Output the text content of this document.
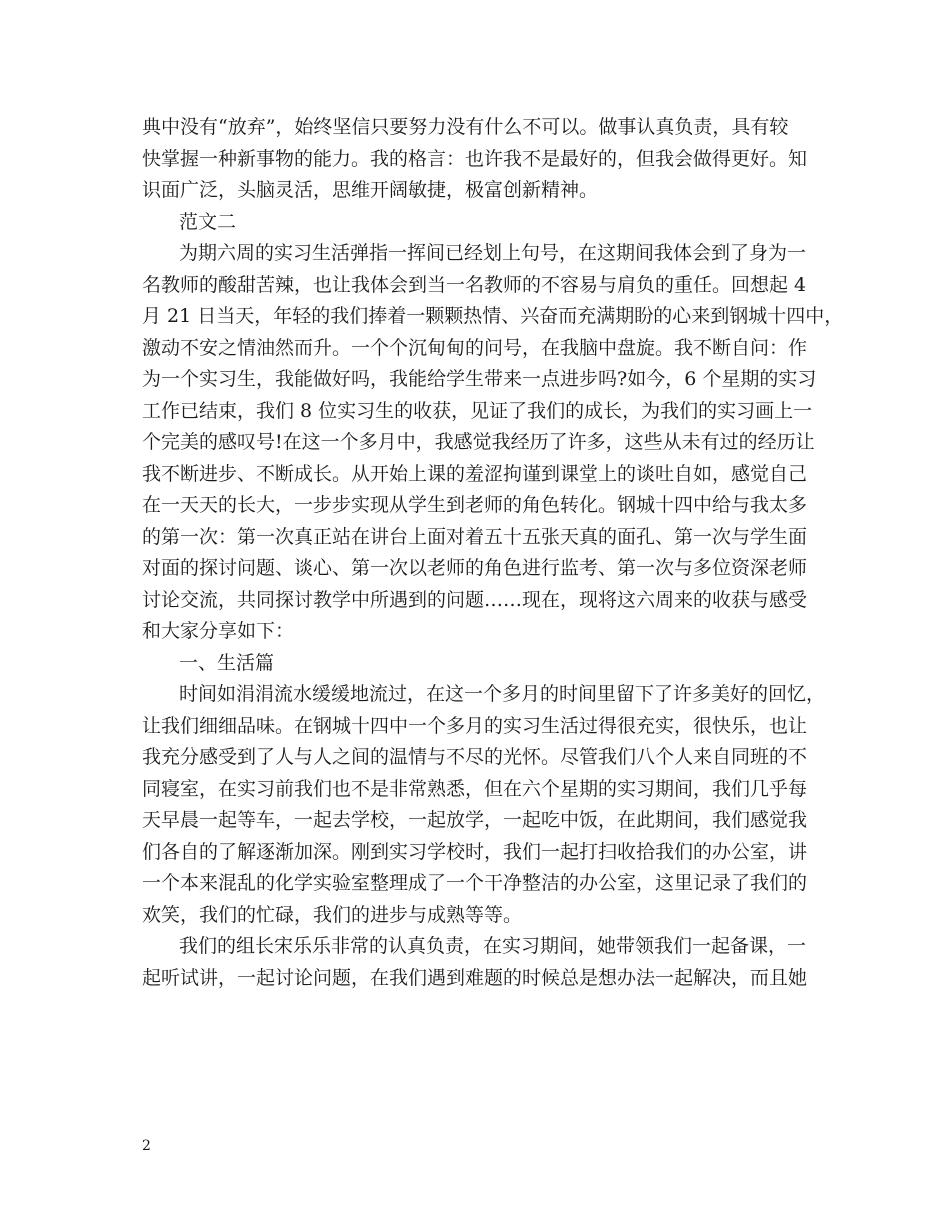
典中没有“放弃”，始终坚信只要努力没有什么不可以。做事认真负责，具有较
快掌握一种新事物的能力。我的格言：也许我不是最好的，但我会做得更好。知
识面广泛，头脑灵活，思维开阔敏捷，极富创新精神。
范文二
为期六周的实习生活弹指一挥间已经划上句号，在这期间我体会到了身为一
名教师的酸甜苦辣，也让我体会到当一名教师的不容易与肩负的重任。回想起 4
月 21 日当天，年轻的我们捧着一颗颗热情、兴奋而充满期盼的心来到钢城十四中，
激动不安之情油然而升。一个个沉甸甸的问号，在我脑中盘旋。我不断自问：作
为一个实习生，我能做好吗，我能给学生带来一点进步吗?如今，6 个星期的实习
工作已结束，我们 8 位实习生的收获，见证了我们的成长，为我们的实习画上一
个完美的感叹号!在这一个多月中，我感觉我经历了许多，这些从未有过的经历让
我不断进步、不断成长。从开始上课的羞涩拘谨到课堂上的谈吐自如，感觉自己
在一天天的长大，一步步实现从学生到老师的角色转化。钢城十四中给与我太多
的第一次：第一次真正站在讲台上面对着五十五张天真的面孔、第一次与学生面
对面的探讨问题、谈心、第一次以老师的角色进行监考、第一次与多位资深老师
讨论交流，共同探讨教学中所遇到的问题……现在，现将这六周来的收获与感受
和大家分享如下：
一、生活篇
时间如涓涓流水缓缓地流过，在这一个多月的时间里留下了许多美好的回忆，
让我们细细品味。在钢城十四中一个多月的实习生活过得很充实，很快乐，也让
我充分感受到了人与人之间的温情与不尽的光怀。尽管我们八个人来自同班的不
同寝室，在实习前我们也不是非常熟悉，但在六个星期的实习期间，我们几乎每
天早晨一起等车，一起去学校，一起放学，一起吃中饭，在此期间，我们感觉我
们各自的了解逐渐加深。刚到实习学校时，我们一起打扫收拾我们的办公室，讲
一个本来混乱的化学实验室整理成了一个干净整洁的办公室，这里记录了我们的
欢笑，我们的忙碌，我们的进步与成熟等等。
我们的组长宋乐乐非常的认真负责，在实习期间，她带领我们一起备课，一
起听试讲，一起讨论问题，在我们遇到难题的时候总是想办法一起解决，而且她
2
